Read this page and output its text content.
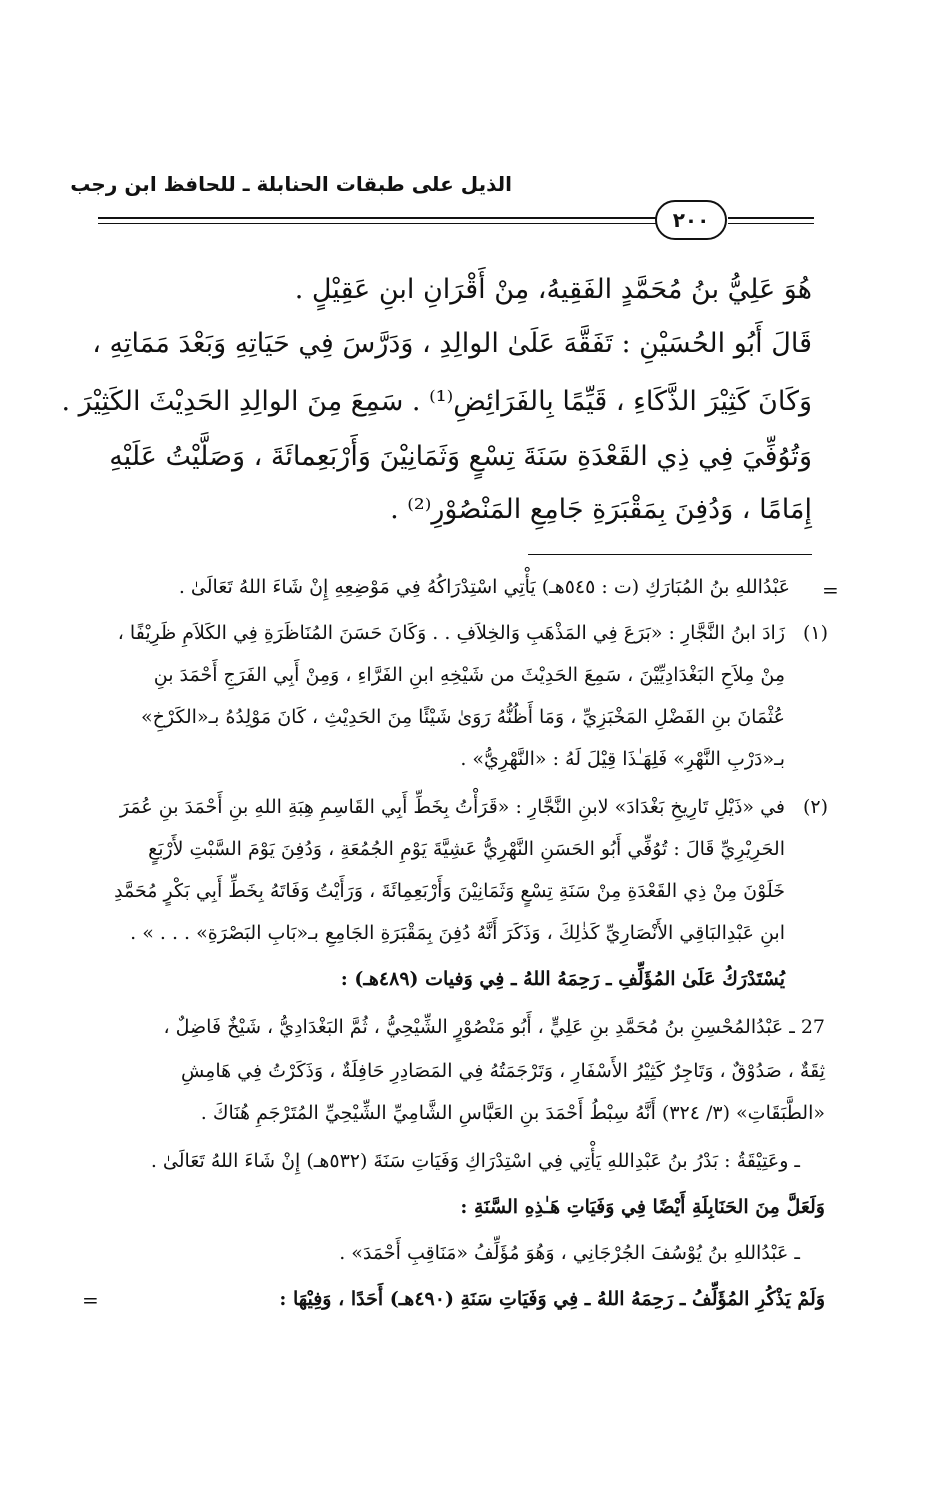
الذيل على طبقات الحنابلة ـ للحافظ ابن رجب
٢٠٠
هُوَ عَلِيُّ بنُ مُحَمَّدٍ الفَقِيهُ، مِنْ أَقْرَانِ ابنِ عَقِيْلٍ .
قَالَ أَبُو الحُسَيْنِ : تَفَقَّهَ عَلَىٰ الوالِدِ ، وَدَرَّسَ فِي حَيَاتِهِ وَبَعْدَ مَمَاتِهِ ،
وَكَانَ كَثِيْرَ الذَّكَاءِ ، قَيِّمًا بِالفَرَائِضِ⁽¹⁾ . سَمِعَ مِنَ الوالِدِ الحَدِيْثَ الكَثِيْرَ .
وَتُوُفِّيَ فِي ذِي القَعْدَةِ سَنَةَ تِسْعٍ وَثَمَانِيْنَ وَأَرْبَعِمائَةَ ، وَصَلَّيْتُ عَلَيْهِ
إِمَامًا ، وَدُفِنَ بِمَقْبَرَةِ جَامِعِ المَنْصُوْرِ⁽²⁾ .
=
عَبْدُاللهِ بنُ المُبَارَكِ (ت : ٥٤٥هـ) يَأْتِي اسْتِدْرَاكُهُ فِي مَوْضِعِهِ إِنْ شَاءَ اللهُ تَعَالَىٰ .
(١)
زَادَ ابنُ النَّجَّارِ : «بَرَعَ فِي المَذْهَبِ وَالخِلاَفِ . . وَكَانَ حَسَنَ المُنَاظَرَةِ فِي الكَلاَمِ ظَرِيْفًا ،
مِنْ مِلاَحِ البَغْدَادِيِّيْنَ ، سَمِعَ الحَدِيْثَ من شَيْخِهِ ابنِ الفَرَّاءِ ، وَمِنْ أَبِي الفَرَجِ أَحْمَدَ بنِ
عُثْمَانَ بنِ الفَضْلِ المَخْبَزِيِّ ، وَمَا أَظُنُّهُ رَوَىٰ شَيْئًا مِنَ الحَدِيْثِ ، كَانَ مَوْلِدُهُ بـ«الكَرْخِ»
بـ«دَرْبِ النَّهْرِ» فَلِهَـٰذَا قِيْلَ لَهُ : «النَّهْرِيُّ» .
(٢)
في «ذَيْلِ تَارِيخِ بَغْدَادَ» لابنِ النَّجَّارِ : «قَرَأْتُ بِخَطِّ أَبِي القَاسِمِ هِبَةِ اللهِ بنِ أَحْمَدَ بنِ عُمَرَ
الحَرِيْرِيِّ قَالَ : تُوُفِّي أَبُو الحَسَنِ النَّهْرِيُّ عَشِيَّةَ يَوْمِ الجُمُعَةِ ، وَدُفِنَ يَوْمَ السَّبْتِ لأَرْبَعٍ
خَلَوْنَ مِنْ ذِي القَعْدَةِ مِنْ سَنَةِ تِسْعٍ وَثَمَانِيْنَ وَأَرْبَعِمِائَةَ ، وَرَأَيْتُ وَفَاتَهُ بِخَطِّ أَبِي بَكْرٍ مُحَمَّدِ
ابنِ عَبْدِالبَاقِي الأَنْصَارِيِّ كَذٰلِكَ ، وَذَكَرَ أَنَّهُ دُفِنَ بِمَقْبَرَةِ الجَامِعِ بـ«بَابِ البَصْرَةِ» . . . » .
يُسْتَدْرَكُ عَلَىٰ المُؤَلِّفِ ـ رَحِمَهُ اللهُ ـ فِي وَفيات (٤٨٩هـ) :
27 ـ عَبْدُالمُحْسِنِ بنُ مُحَمَّدِ بنِ عَلِيٍّ ، أَبُو مَنْصُوْرٍ الشِّيْحِيُّ ، ثُمَّ البَغْدَادِيُّ ، شَيْخٌ فَاضِلٌ ،
ثِقَةٌ ، صَدُوْقٌ ، وَتَاجِرٌ كَثِيْرُ الأَسْفَارِ ، وَتَرْجَمَتُهُ فِي المَصَادِرِ حَافِلَةٌ ، وَذَكَرْتُ فِي هَامِشِ
«الطَّبَقَاتِ» (٣/ ٣٢٤) أَنَّهُ سِبْطُ أَحْمَدَ بنِ العَبَّاسِ الشَّامِيِّ الشِّيْحِيِّ المُتَرْجَمِ هُنَاكَ .
ـ وعَتِيْقَةُ : بَدْرُ بنُ عَبْدِاللهِ يَأْتِي فِي اسْتِدْرَاكِ وَفَيَاتِ سَنَةَ (٥٣٢هـ) إِنْ شَاءَ اللهُ تَعَالَىٰ .
وَلَعَلَّ مِنَ الحَنَابِلَةِ أَيْضًا فِي وَفَيَاتِ هَـٰذِهِ السَّنَةِ :
ـ عَبْدُاللهِ بنُ يُوْسُفَ الجُرْجَانِي ، وَهُوَ مُؤَلِّفُ «مَنَاقِبِ أَحْمَدَ» .
وَلَمْ يَذْكُرِ المُؤَلِّفُ ـ رَحِمَهُ اللهُ ـ فِي وَفَيَاتِ سَنَةِ (٤٩٠هـ) أَحَدًا ، وَفِيْهَا :
=
